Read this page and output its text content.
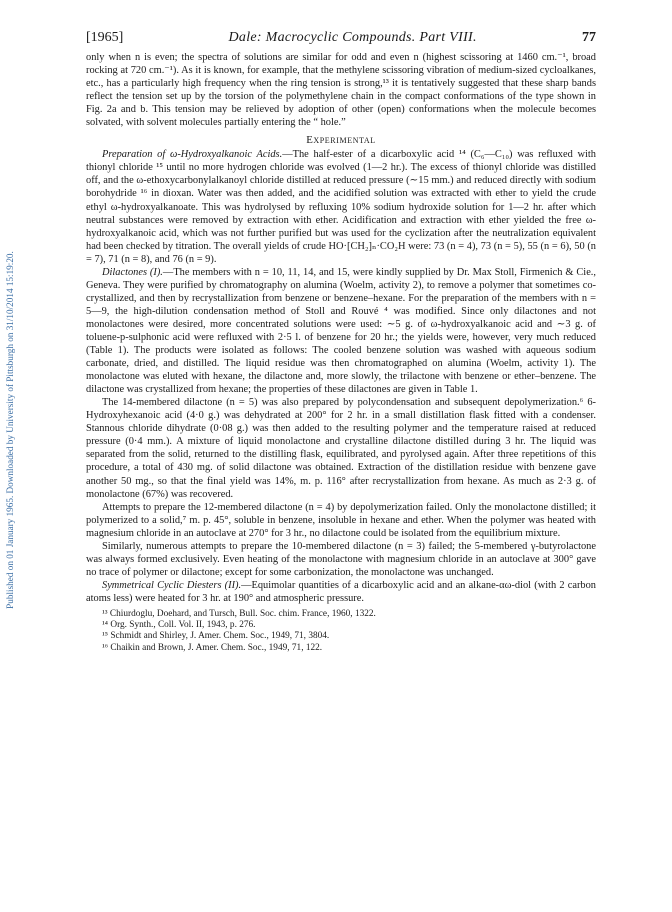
Published on 01 January 1965. Downloaded by University of Pittsburgh on 31/10/2014 15:19:20.
[1965]	Dale: Macrocyclic Compounds. Part VIII.	77

only when n is even; the spectra of solutions are similar for odd and even n (highest scissoring at 1460 cm.⁻¹, broad rocking at 720 cm.⁻¹). As it is known, for example, that the methylene scissoring vibration of medium-sized cycloalkanes, etc., has a particularly high frequency when the ring tension is strong,¹³ it is tentatively suggested that these sharp bands reflect the tension set up by the torsion of the polymethylene chain in the compact conformations of the type shown in Fig. 2a and b. This tension may be relieved by adoption of other (open) conformations when the molecule becomes solvated, with solvent molecules partially entering the “ hole.”

Experimental

Preparation of ω-Hydroxyalkanoic Acids.—The half-ester of a dicarboxylic acid ¹⁴ (C₆—C₁₀) was refluxed with thionyl chloride ¹⁵ until no more hydrogen chloride was evolved (1—2 hr.). The excess of thionyl chloride was distilled off, and the ω-ethoxycarbonylalkanoyl chloride distilled at reduced pressure (∼15 mm.) and reduced directly with sodium borohydride ¹⁶ in dioxan. Water was then added, and the acidified solution was extracted with ether to yield the crude ethyl ω-hydroxyalkanoate. This was hydrolysed by refluxing 10% sodium hydroxide solution for 1—2 hr. after which neutral substances were removed by extraction with ether. Acidification and extraction with ether yielded the free ω-hydroxyalkanoic acid, which was not further purified but was used for the cyclization after the neutralization equivalent had been checked by titration. The overall yields of crude HO·[CH₂]ₙ·CO₂H were: 73 (n = 4), 73 (n = 5), 55 (n = 6), 50 (n = 7), 71 (n = 8), and 76 (n = 9).

Dilactones (I).—The members with n = 10, 11, 14, and 15, were kindly supplied by Dr. Max Stoll, Firmenich & Cie., Geneva. They were purified by chromatography on alumina (Woelm, activity 2), to remove a polymer that sometimes co-crystallized, and then by recrystallization from benzene or benzene–hexane. For the preparation of the members with n = 5—9, the high-dilution condensation method of Stoll and Rouvé ⁴ was modified. Since only dilactones and not monolactones were desired, more concentrated solutions were used: ∼5 g. of ω-hydroxyalkanoic acid and ∼3 g. of toluene-p-sulphonic acid were refluxed with 2·5 l. of benzene for 20 hr.; the yields were, however, very much reduced (Table 1). The products were isolated as follows: The cooled benzene solution was washed with aqueous sodium carbonate, dried, and distilled. The liquid residue was then chromatographed on alumina (Woelm, activity 1). The monolactone was eluted with hexane, the dilactone and, more slowly, the trilactone with benzene or ether–benzene. The dilactone was crystallized from hexane; the properties of these dilactones are given in Table 1.

The 14-membered dilactone (n = 5) was also prepared by polycondensation and subsequent depolymerization.⁶ 6-Hydroxyhexanoic acid (4·0 g.) was dehydrated at 200° for 2 hr. in a small distillation flask fitted with a condenser. Stannous chloride dihydrate (0·08 g.) was then added to the resulting polymer and the temperature raised at reduced pressure (0·4 mm.). A mixture of liquid monolactone and crystalline dilactone distilled during 3 hr. The liquid was separated from the solid, returned to the distilling flask, equilibrated, and pyrolysed again. After three repetitions of this procedure, a total of 430 mg. of solid dilactone was obtained. Extraction of the distillation residue with benzene gave another 50 mg., so that the final yield was 14%, m. p. 116° after recrystallization from hexane. As much as 2·3 g. of monolactone (67%) was recovered.

Attempts to prepare the 12-membered dilactone (n = 4) by depolymerization failed. Only the monolactone distilled; it polymerized to a solid,⁷ m. p. 45°, soluble in benzene, insoluble in hexane and ether. When the polymer was heated with magnesium chloride in an autoclave at 270° for 3 hr., no dilactone could be isolated from the equilibrium mixture.

Similarly, numerous attempts to prepare the 10-membered dilactone (n = 3) failed; the 5-membered γ-butyrolactone was always formed exclusively. Even heating of the monolactone with magnesium chloride in an autoclave at 300° gave no trace of polymer or dilactone; except for some carbonization, the monolactone was unchanged.

Symmetrical Cyclic Diesters (II).—Equimolar quantities of a dicarboxylic acid and an alkane-αω-diol (with 2 carbon atoms less) were heated for 3 hr. at 190° and atmospheric pressure.

¹³ Chiurdoglu, Doehard, and Tursch, Bull. Soc. chim. France, 1960, 1322.
¹⁴ Org. Synth., Coll. Vol. II, 1943, p. 276.
¹⁵ Schmidt and Shirley, J. Amer. Chem. Soc., 1949, 71, 3804.
¹⁶ Chaikin and Brown, J. Amer. Chem. Soc., 1949, 71, 122.
